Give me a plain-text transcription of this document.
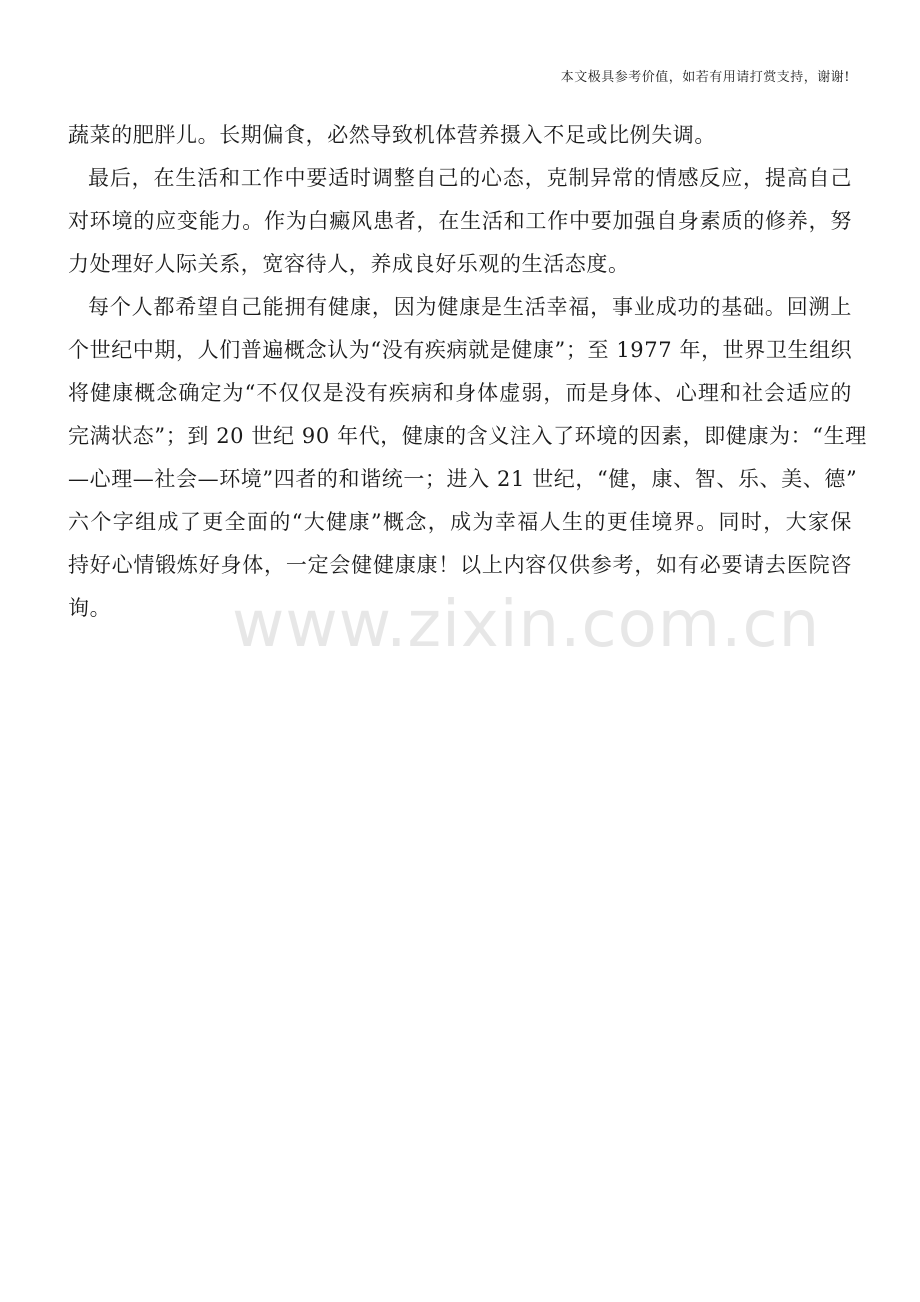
本文极具参考价值，如若有用请打赏支持，谢谢!
蔬菜的肥胖儿。长期偏食，必然导致机体营养摄入不足或比例失调。
最后，在生活和工作中要适时调整自己的心态，克制异常的情感反应，提高自己
对环境的应变能力。作为白癜风患者，在生活和工作中要加强自身素质的修养，努
力处理好人际关系，宽容待人，养成良好乐观的生活态度。
每个人都希望自己能拥有健康，因为健康是生活幸福，事业成功的基础。回溯上
个世纪中期，人们普遍概念认为“没有疾病就是健康”；至 1977 年，世界卫生组织
将健康概念确定为“不仅仅是没有疾病和身体虚弱，而是身体、心理和社会适应的
完满状态”；到 20 世纪 90 年代，健康的含义注入了环境的因素，即健康为：“生理
—心理—社会—环境”四者的和谐统一；进入 21 世纪，“健，康、智、乐、美、德”
六个字组成了更全面的“大健康”概念，成为幸福人生的更佳境界。同时，大家保
持好心情锻炼好身体，一定会健健康康！以上内容仅供参考，如有必要请去医院咨
询。	www.zixin.com.cn
